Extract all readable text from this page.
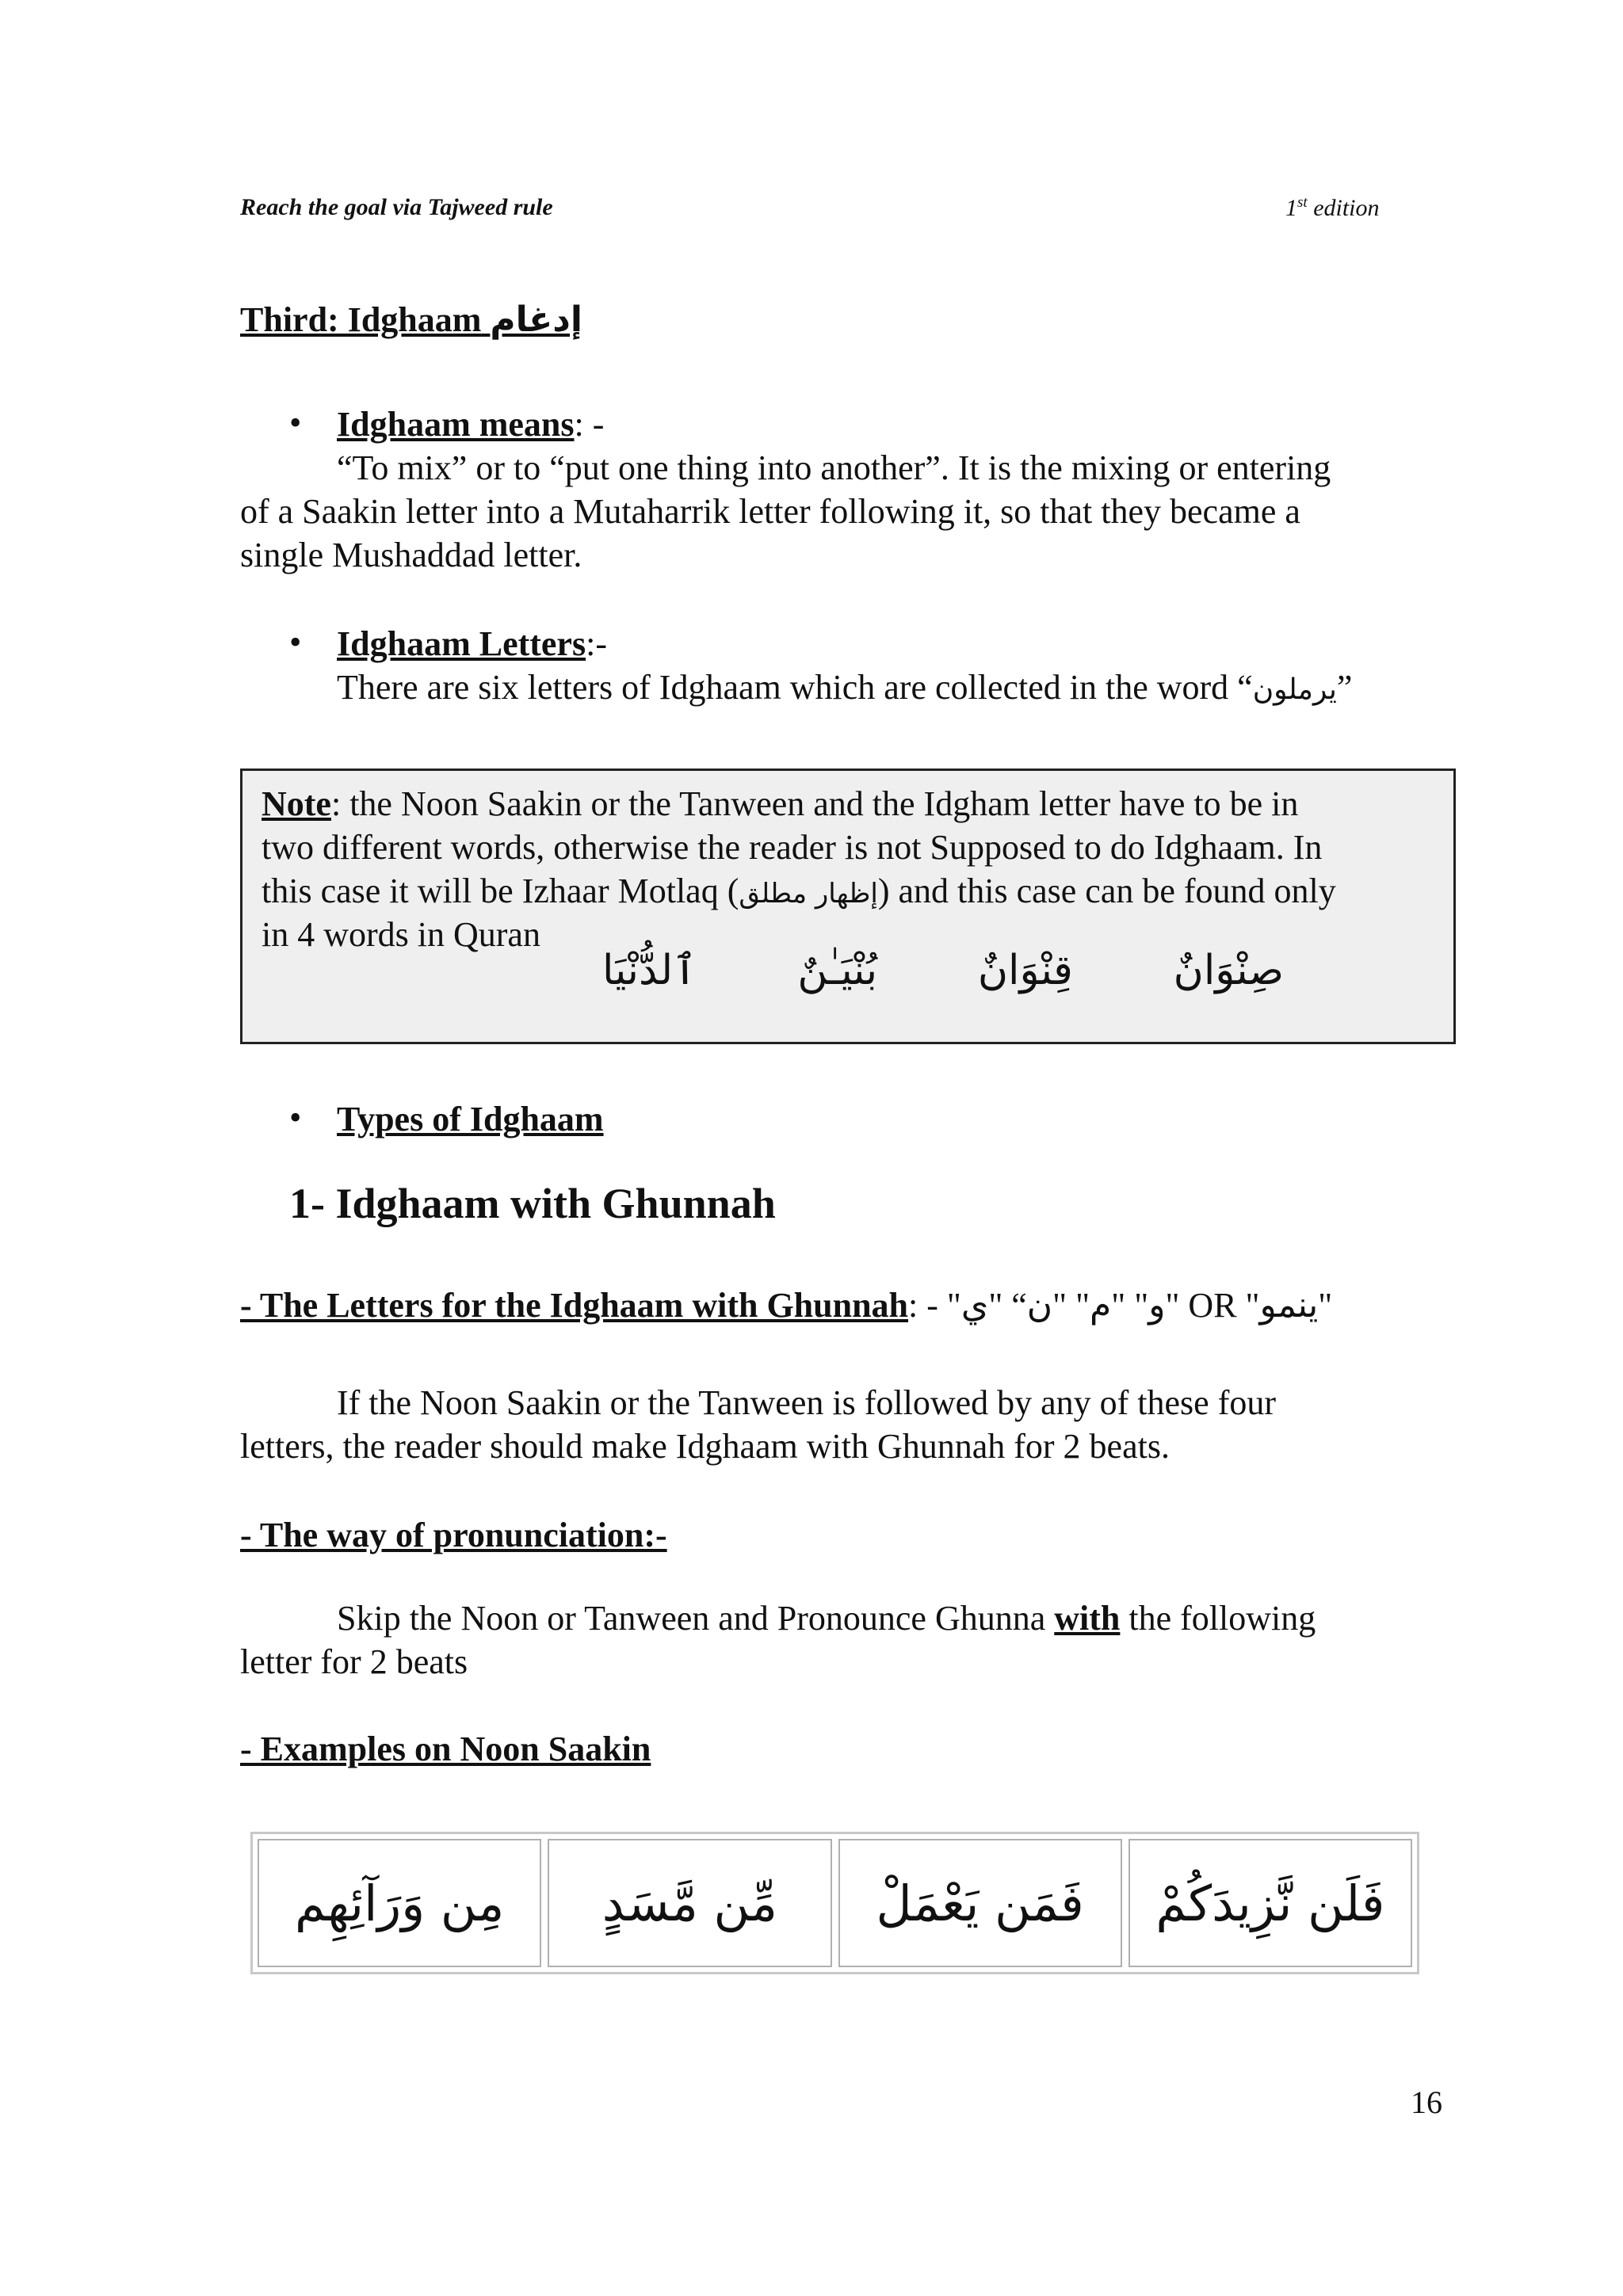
Reach the goal via Tajweed rule	1st edition
Third: Idghaam إدغام
• Idghaam means: -
“To mix” or to “put one thing into another”. It is the mixing or entering
of a Saakin letter into a Mutaharrik letter following it, so that they became a
single Mushaddad letter.
• Idghaam Letters:-
There are six letters of Idghaam which are collected in the word “يرملون”
Note: the Noon Saakin or the Tanween and the Idgham letter have to be in
two different words, otherwise the reader is not Supposed to do Idghaam. In
this case it will be Izhaar Motlaq (إظهار مطلق) and this case can be found only
in 4 words in Quran
صِنْوَانٌ
قِنْوَانٌ
بُنْيَـٰنٌ
ٱلدُّنْيَا
• Types of Idghaam
1- Idghaam with Ghunnah
- The Letters for the Idghaam with Ghunnah: - "و" "م" "ن“ "ي" OR "ينمو"
If the Noon Saakin or the Tanween is followed by any of these four
letters, the reader should make Idghaam with Ghunnah for 2 beats.
- The way of pronunciation:-
Skip the Noon or Tanween and Pronounce Ghunna with the following
letter for 2 beats
- Examples on Noon Saakin
مِن وَرَآئِهِم	مِّن مَّسَدٍ	فَمَن يَعْمَلْ	فَلَن نَّزِيدَكُمْ
16
